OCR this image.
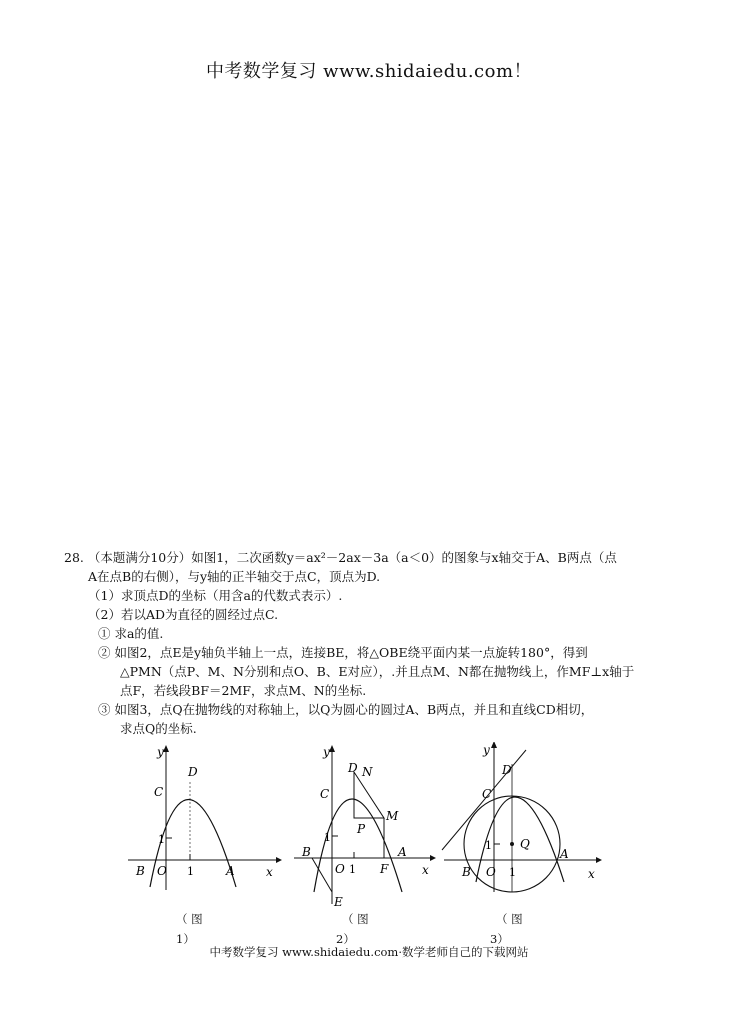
中考数学复习 www.shidaiedu.com！
28. （本题满分10分）如图1，二次函数y＝ax²－2ax－3a（a＜0）的图象与x轴交于A、B两点（点
A在点B的右侧），与y轴的正半轴交于点C，顶点为D.
（1）求顶点D的坐标（用含a的代数式表示）.
（2）若以AD为直径的圆经过点C.
① 求a的值.
② 如图2，点E是y轴负半轴上一点，连接BE，将△OBE绕平面内某一点旋转180°，得到
△PMN（点P、M、N分别和点O、B、E对应），.并且点M、N都在抛物线上，作MF⊥x轴于
点F，若线段BF＝2MF，求点M、N的坐标.
③ 如图3，点Q在抛物线的对称轴上，以Q为圆心的圆过A、B两点，并且和直线CD相切，
求点Q的坐标.
y
x
D
C
1
B O 1	A
（ 图
1）
y
x
D N
C
M
P
1
B	A
O 1 F
E
（ 图
2）
y
x
D
C
1 Q
A
B O 1
（ 图
3）
中考数学复习 www.shidaiedu.com·数学老师自己的下载网站
